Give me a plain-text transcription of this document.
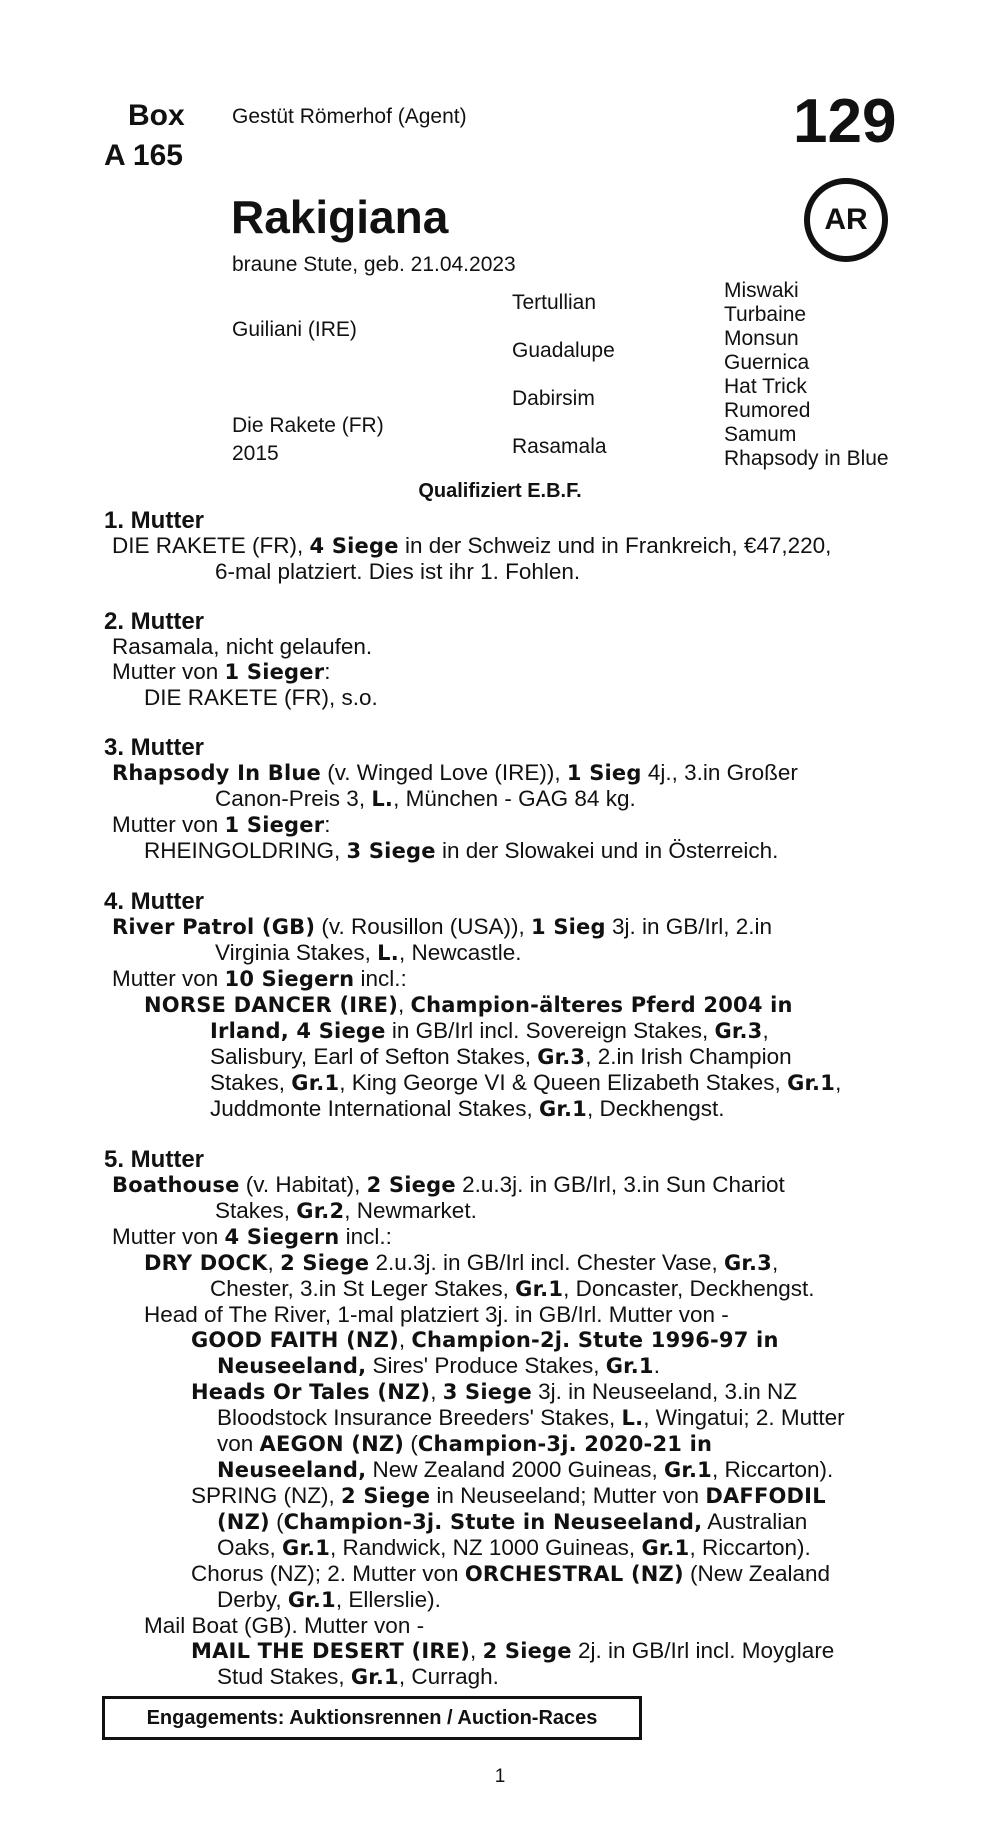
Box
A 165
Gestüt Römerhof (Agent)	129
AR
Rakigiana
braune Stute, geb. 21.04.2023
Guiliani (IRE)
Die Rakete (FR)
2015
Tertullian
Guadalupe
Dabirsim
Rasamala
Miswaki
Turbaine
Monsun
Guernica
Hat Trick
Rumored
Samum
Rhapsody in Blue
Qualifiziert E.B.F.
1. Mutter
DIE RAKETE (FR), 4 Siege in der Schweiz und in Frankreich, €47,220,
6-mal platziert. Dies ist ihr 1. Fohlen.
2. Mutter
Rasamala, nicht gelaufen.
Mutter von 1 Sieger:
DIE RAKETE (FR), s.o.
3. Mutter
Rhapsody In Blue (v. Winged Love (IRE)), 1 Sieg 4j., 3.in Großer
Canon-Preis 3, L., München - GAG 84 kg.
Mutter von 1 Sieger:
RHEINGOLDRING, 3 Siege in der Slowakei und in Österreich.
4. Mutter
River Patrol (GB) (v. Rousillon (USA)), 1 Sieg 3j. in GB/Irl, 2.in
Virginia Stakes, L., Newcastle.
Mutter von 10 Siegern incl.:
NORSE DANCER (IRE), Champion-älteres Pferd 2004 in
Irland, 4 Siege in GB/Irl incl. Sovereign Stakes, Gr.3,
Salisbury, Earl of Sefton Stakes, Gr.3, 2.in Irish Champion
Stakes, Gr.1, King George VI & Queen Elizabeth Stakes, Gr.1,
Juddmonte International Stakes, Gr.1, Deckhengst.
5. Mutter
Boathouse (v. Habitat), 2 Siege 2.u.3j. in GB/Irl, 3.in Sun Chariot
Stakes, Gr.2, Newmarket.
Mutter von 4 Siegern incl.:
DRY DOCK, 2 Siege 2.u.3j. in GB/Irl incl. Chester Vase, Gr.3,
Chester, 3.in St Leger Stakes, Gr.1, Doncaster, Deckhengst.
Head of The River, 1-mal platziert 3j. in GB/Irl. Mutter von -
GOOD FAITH (NZ), Champion-2j. Stute 1996-97 in
Neuseeland, Sires' Produce Stakes, Gr.1.
Heads Or Tales (NZ), 3 Siege 3j. in Neuseeland, 3.in NZ
Bloodstock Insurance Breeders' Stakes, L., Wingatui; 2. Mutter
von AEGON (NZ) (Champion-3j. 2020-21 in
Neuseeland, New Zealand 2000 Guineas, Gr.1, Riccarton).
SPRING (NZ), 2 Siege in Neuseeland; Mutter von DAFFODIL
(NZ) (Champion-3j. Stute in Neuseeland, Australian
Oaks, Gr.1, Randwick, NZ 1000 Guineas, Gr.1, Riccarton).
Chorus (NZ); 2. Mutter von ORCHESTRAL (NZ) (New Zealand
Derby, Gr.1, Ellerslie).
Mail Boat (GB). Mutter von -
MAIL THE DESERT (IRE), 2 Siege 2j. in GB/Irl incl. Moyglare
Stud Stakes, Gr.1, Curragh.
Engagements: Auktionsrennen / Auction-Races
1
